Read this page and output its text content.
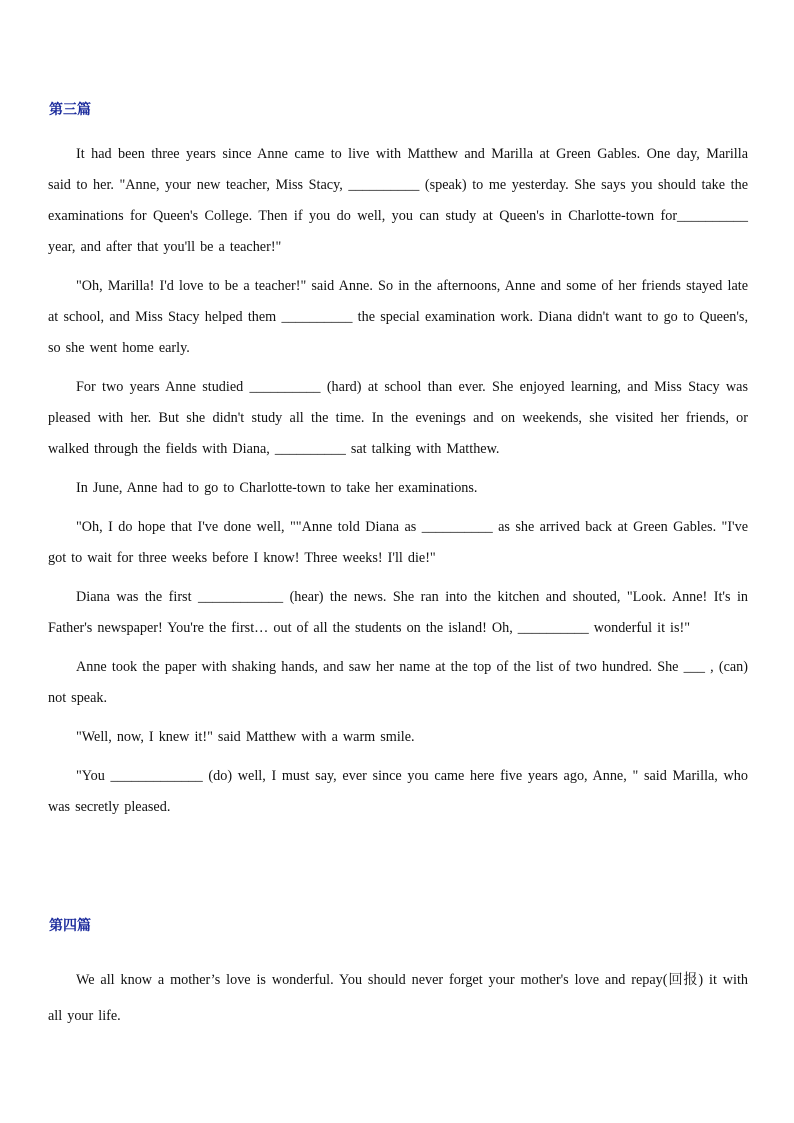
第三篇

It had been three years since Anne came to live with Matthew and Marilla at Green Gables. One day, Marilla said to her. "Anne, your new teacher, Miss Stacy, __________ (speak) to me yesterday. She says you should take the examinations for Queen's College. Then if you do well, you can study at Queen's in Charlotte-town for__________ year, and after that you'll be a teacher!"

"Oh, Marilla! I'd love to be a teacher!" said Anne. So in the afternoons, Anne and some of her friends stayed late at school, and Miss Stacy helped them __________ the special examination work. Diana didn't want to go to Queen's, so she went home early.

For two years Anne studied __________ (hard) at school than ever. She enjoyed learning, and Miss Stacy was pleased with her. But she didn't study all the time. In the evenings and on weekends, she visited her friends, or walked through the fields with Diana, __________ sat talking with Matthew.

In June, Anne had to go to Charlotte-town to take her examinations.

"Oh, I do hope that I've done well, ""Anne told Diana as __________ as she arrived back at Green Gables. "I've got to wait for three weeks before I know! Three weeks! I'll die!"

Diana was the first ____________ (hear) the news. She ran into the kitchen and shouted, "Look. Anne! It's in Father's newspaper! You're the first… out of all the students on the island! Oh, __________ wonderful it is!"

Anne took the paper with shaking hands, and saw her name at the top of the list of two hundred. She ___ , (can) not speak.

"Well, now, I knew it!" said Matthew with a warm smile.

"You _____________ (do) well, I must say, ever since you came here five years ago, Anne, " said Marilla, who was secretly pleased.

第四篇

We all know a mother’s love is wonderful. You should never forget your mother's love and repay(回报) it with all your life.
